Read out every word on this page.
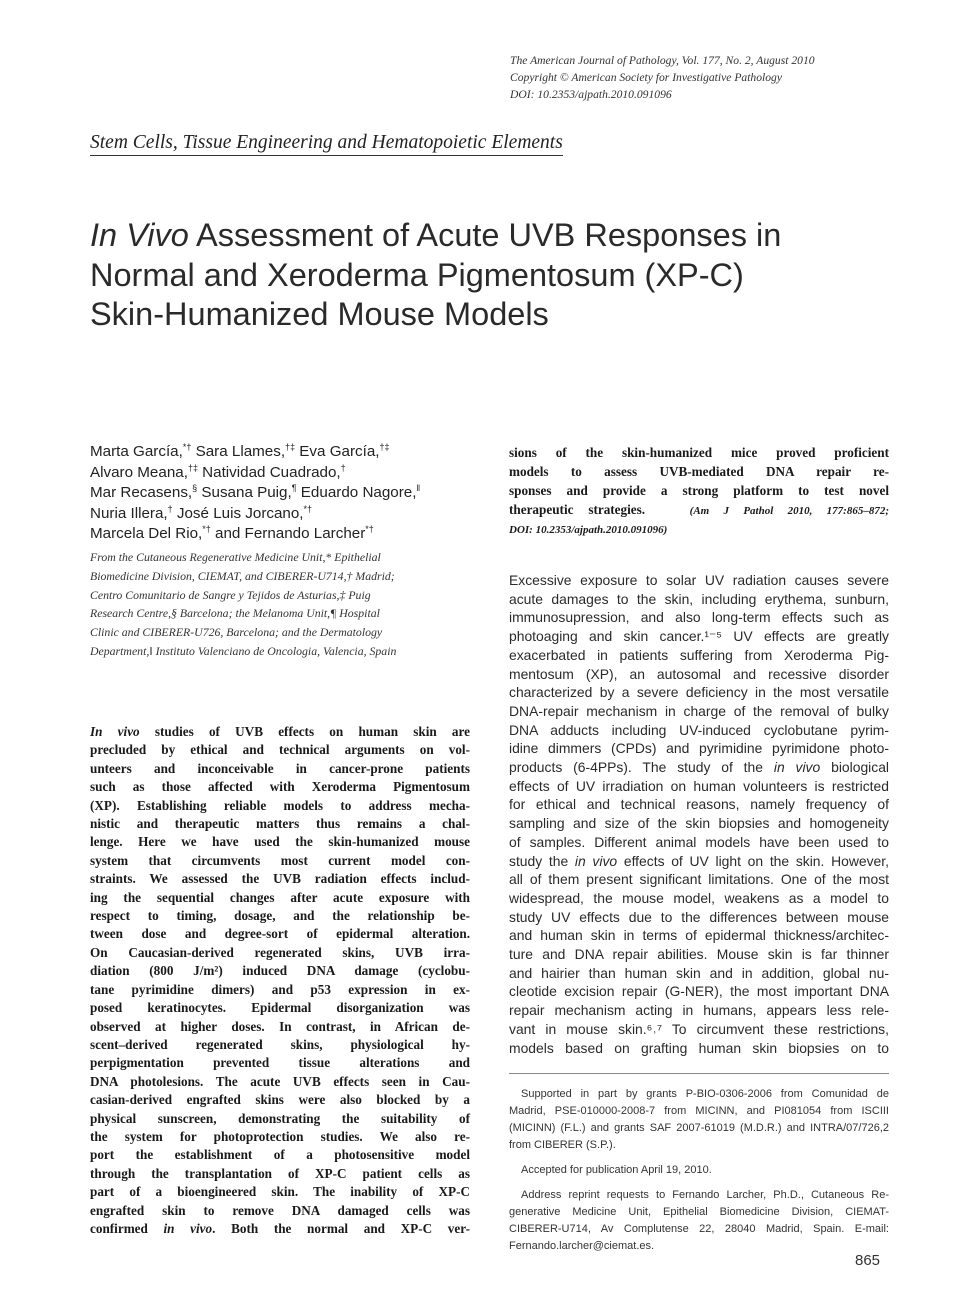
The American Journal of Pathology, Vol. 177, No. 2, August 2010
Copyright © American Society for Investigative Pathology
DOI: 10.2353/ajpath.2010.091096
Stem Cells, Tissue Engineering and Hematopoietic Elements
In Vivo Assessment of Acute UVB Responses in
Normal and Xeroderma Pigmentosum (XP-C)
Skin-Humanized Mouse Models
Marta García,*† Sara Llames,†‡ Eva García,†‡
Alvaro Meana,†‡ Natividad Cuadrado,†
Mar Recasens,§ Susana Puig,¶ Eduardo Nagore,‖
Nuria Illera,† José Luis Jorcano,*†
Marcela Del Rio,*† and Fernando Larcher*†
From the Cutaneous Regenerative Medicine Unit,* Epithelial
Biomedicine Division, CIEMAT, and CIBERER-U714,† Madrid;
Centro Comunitario de Sangre y Tejidos de Asturias,‡ Puig
Research Centre,§ Barcelona; the Melanoma Unit,¶ Hospital
Clinic and CIBERER-U726, Barcelona; and the Dermatology
Department,‖ Instituto Valenciano de Oncologia, Valencia, Spain
In vivo studies of UVB effects on human skin are
precluded by ethical and technical arguments on vol-
unteers and inconceivable in cancer-prone patients
such as those affected with Xeroderma Pigmentosum
(XP). Establishing reliable models to address mecha-
nistic and therapeutic matters thus remains a chal-
lenge. Here we have used the skin-humanized mouse
system that circumvents most current model con-
straints. We assessed the UVB radiation effects includ-
ing the sequential changes after acute exposure with
respect to timing, dosage, and the relationship be-
tween dose and degree-sort of epidermal alteration.
On Caucasian-derived regenerated skins, UVB irra-
diation (800 J/m²) induced DNA damage (cyclobu-
tane pyrimidine dimers) and p53 expression in ex-
posed keratinocytes. Epidermal disorganization was
observed at higher doses. In contrast, in African de-
scent–derived regenerated skins, physiological hy-
perpigmentation prevented tissue alterations and
DNA photolesions. The acute UVB effects seen in Cau-
casian-derived engrafted skins were also blocked by a
physical sunscreen, demonstrating the suitability of
the system for photoprotection studies. We also re-
port the establishment of a photosensitive model
through the transplantation of XP-C patient cells as
part of a bioengineered skin. The inability of XP-C
engrafted skin to remove DNA damaged cells was
confirmed in vivo. Both the normal and XP-C ver-
sions of the skin-humanized mice proved proficient
models to assess UVB-mediated DNA repair re-
sponses and provide a strong platform to test novel
therapeutic strategies.	(Am J Pathol 2010, 177:865–872;
DOI: 10.2353/ajpath.2010.091096)
Excessive exposure to solar UV radiation causes severe
acute damages to the skin, including erythema, sunburn,
immunosupression, and also long-term effects such as
photoaging and skin cancer.¹⁻⁵ UV effects are greatly
exacerbated in patients suffering from Xeroderma Pig-
mentosum (XP), an autosomal and recessive disorder
characterized by a severe deficiency in the most versatile
DNA-repair mechanism in charge of the removal of bulky
DNA adducts including UV-induced cyclobutane pyrim-
idine dimmers (CPDs) and pyrimidine pyrimidone photo-
products (6-4PPs). The study of the in vivo biological
effects of UV irradiation on human volunteers is restricted
for ethical and technical reasons, namely frequency of
sampling and size of the skin biopsies and homogeneity
of samples. Different animal models have been used to
study the in vivo effects of UV light on the skin. However,
all of them present significant limitations. One of the most
widespread, the mouse model, weakens as a model to
study UV effects due to the differences between mouse
and human skin in terms of epidermal thickness/architec-
ture and DNA repair abilities. Mouse skin is far thinner
and hairier than human skin and in addition, global nu-
cleotide excision repair (G-NER), the most important DNA
repair mechanism acting in humans, appears less rele-
vant in mouse skin.⁶˒⁷ To circumvent these restrictions,
models based on grafting human skin biopsies on to
Supported in part by grants P-BIO-0306-2006 from Comunidad de
Madrid, PSE-010000-2008-7 from MICINN, and PI081054 from ISCIII
(MICINN) (F.L.) and grants SAF 2007-61019 (M.D.R.) and INTRA/07/726,2
from CIBERER (S.P.).
Accepted for publication April 19, 2010.
Address reprint requests to Fernando Larcher, Ph.D., Cutaneous Re-
generative Medicine Unit, Epithelial Biomedicine Division, CIEMAT-
CIBERER-U714, Av Complutense 22, 28040 Madrid, Spain. E-mail:
Fernando.larcher@ciemat.es.
865
